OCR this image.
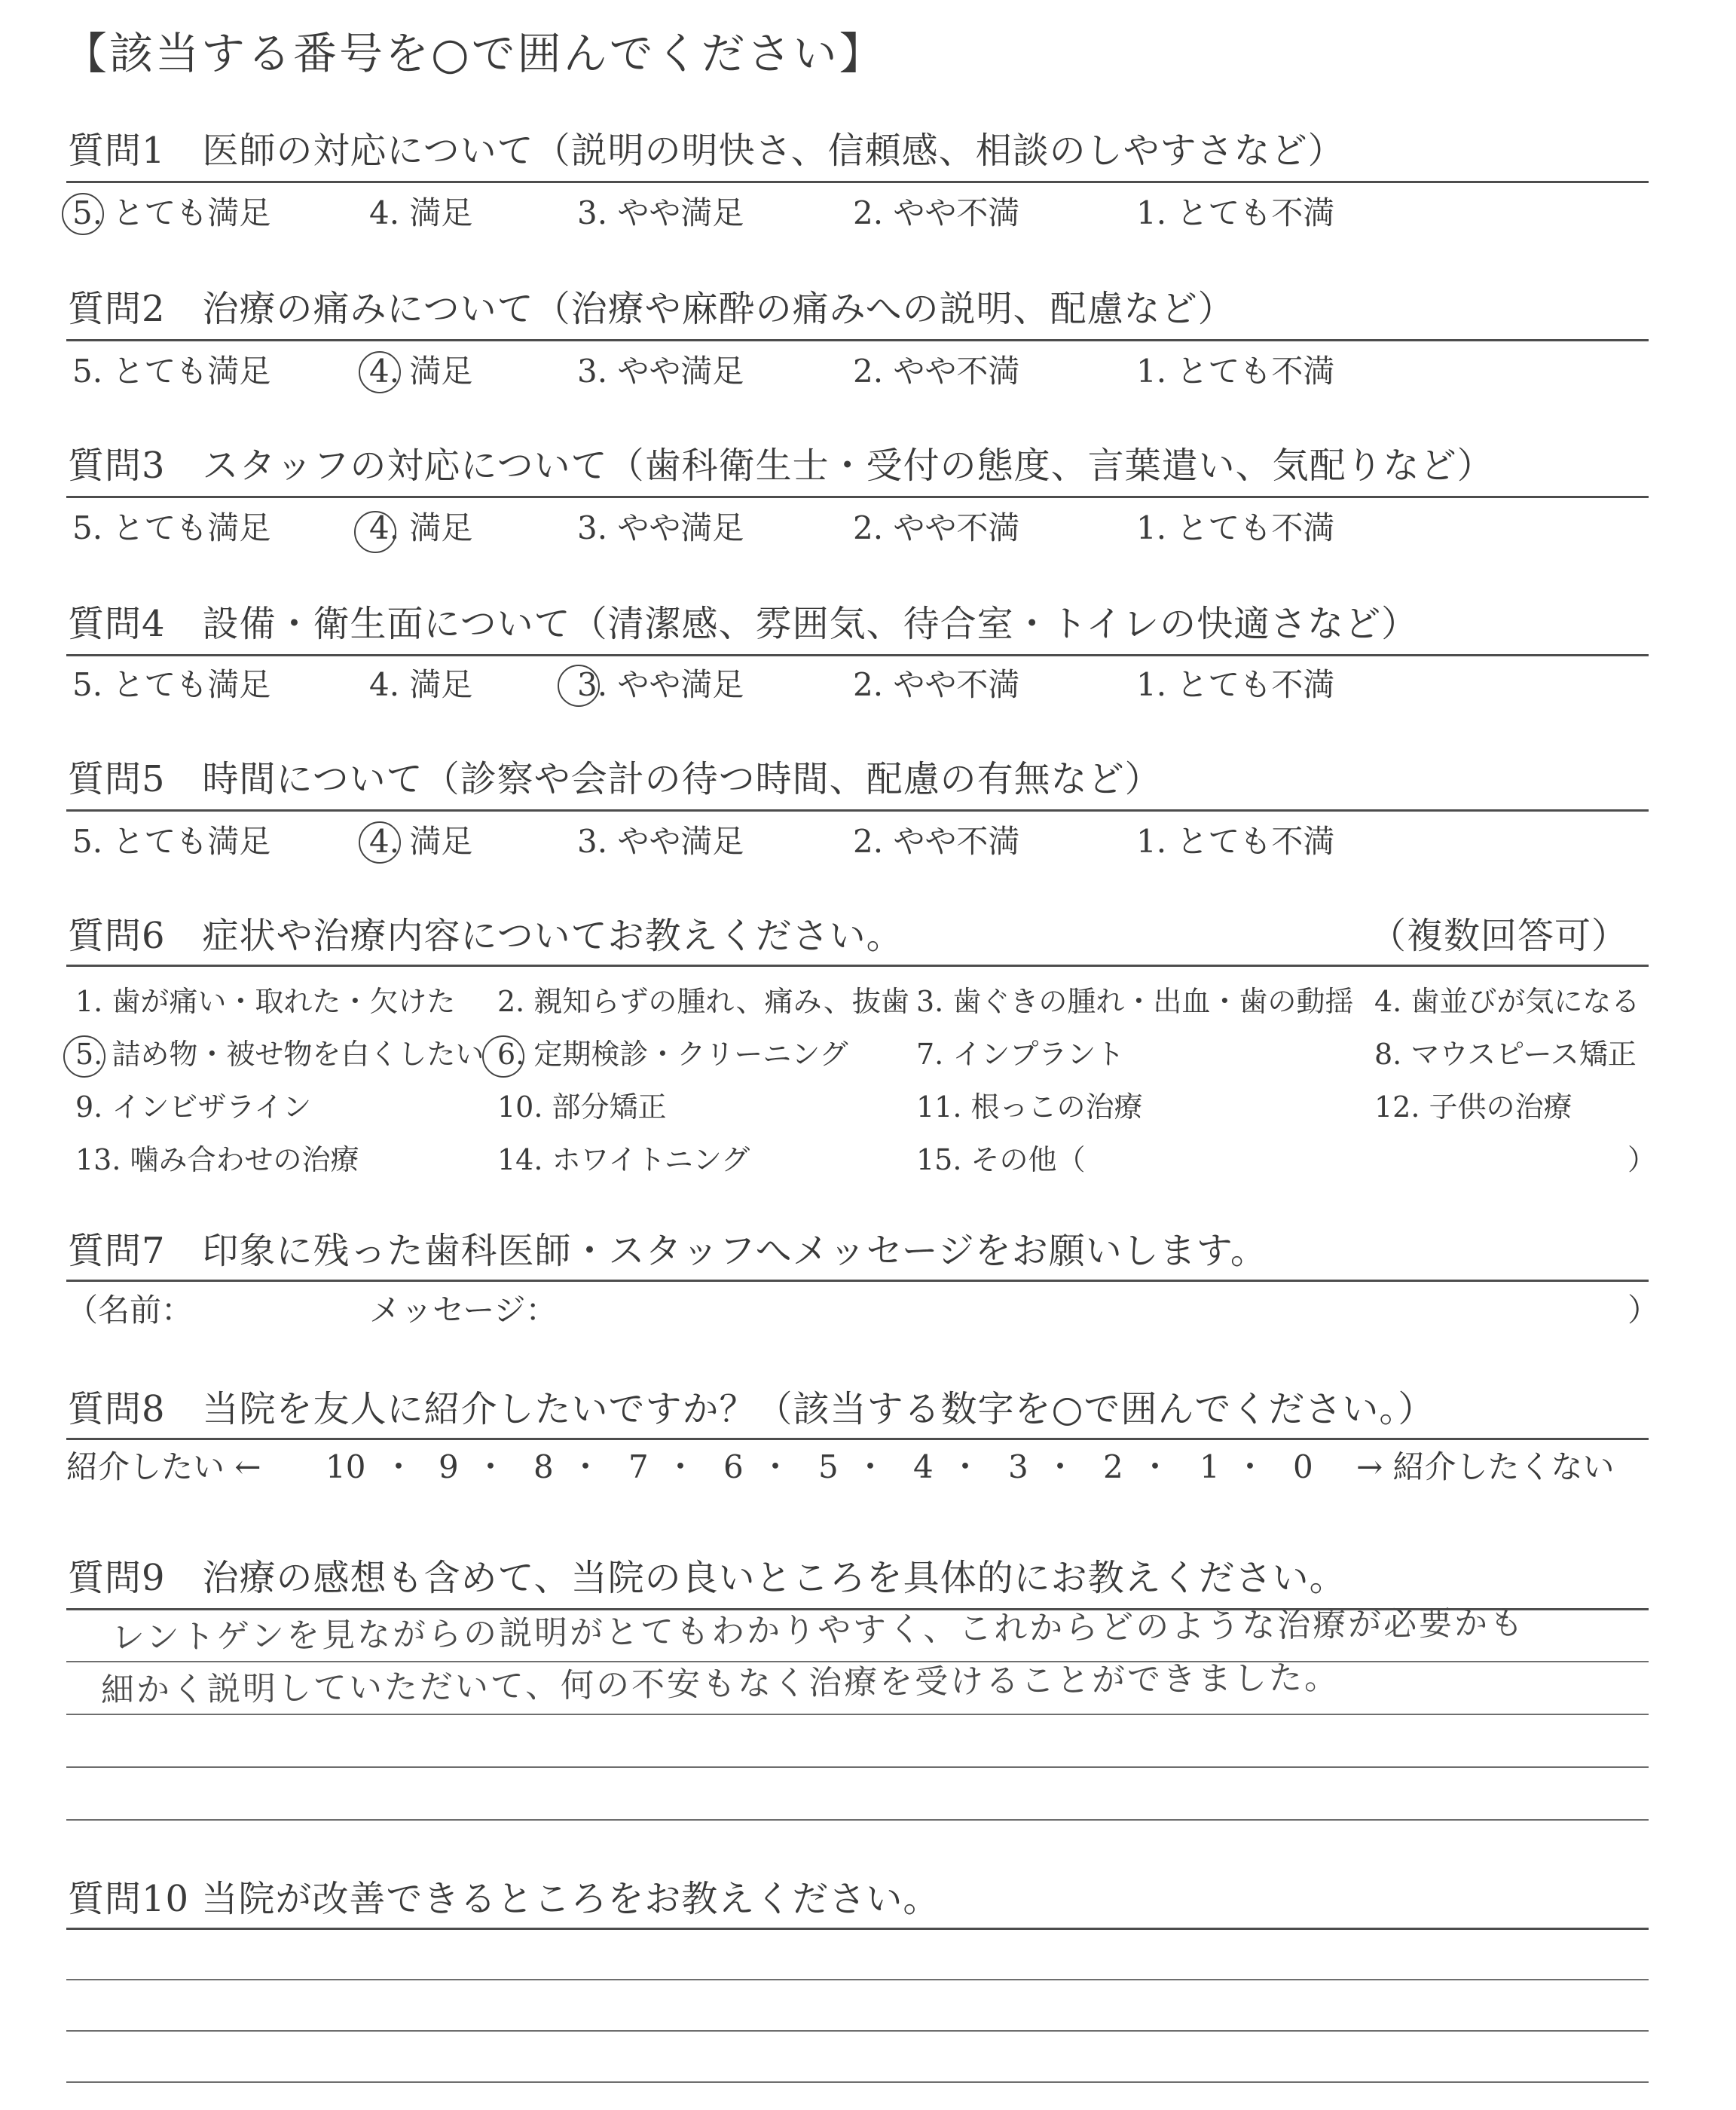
【該当する番号を○で囲んでください】
質問1　医師の対応について（説明の明快さ、信頼感、相談のしやすさなど）
5. とても満足	4. 満足	3. やや満足	2. やや不満	1. とても不満
質問2　治療の痛みについて（治療や麻酔の痛みへの説明、配慮など）
5. とても満足	4. 満足	3. やや満足	2. やや不満	1. とても不満
質問3　スタッフの対応について（歯科衛生士・受付の態度、言葉遣い、気配りなど）
5. とても満足	4. 満足	3. やや満足	2. やや不満	1. とても不満
質問4　設備・衛生面について（清潔感、雰囲気、待合室・トイレの快適さなど）
5. とても満足	4. 満足	3. やや満足	2. やや不満	1. とても不満
質問5　時間について（診察や会計の待つ時間、配慮の有無など）
5. とても満足	4. 満足	3. やや満足	2. やや不満	1. とても不満
質問6　症状や治療内容についてお教えください。	（複数回答可）
1. 歯が痛い・取れた・欠けた 2. 親知らずの腫れ、痛み、抜歯 3. 歯ぐきの腫れ・出血・歯の動揺 4. 歯並びが気になる
5. 詰め物・被せ物を白くしたい 6. 定期検診・クリーニング 7. インプラント	8. マウスピース矯正
9. インビザライン	10. 部分矯正	11. 根っこの治療	12. 子供の治療
13. 噛み合わせの治療	14. ホワイトニング	15. その他（	）
質問7　印象に残った歯科医師・スタッフへメッセージをお願いします。
（名前：	メッセージ：	）
質問8　当院を友人に紹介したいですか？（該当する数字を○で囲んでください。）
紹介したい ← 10 ・ 9 ・ 8 ・ 7 ・ 6 ・ 5 ・ 4 ・ 3 ・ 2 ・ 1 ・ 0 → 紹介したくない
質問9　治療の感想も含めて、当院の良いところを具体的にお教えください。
レントゲンを見ながらの説明がとてもわかりやすく、これからどのような治療が必要かも
細かく説明していただいて、何の不安もなく治療を受けることができました。
質問10 当院が改善できるところをお教えください。
